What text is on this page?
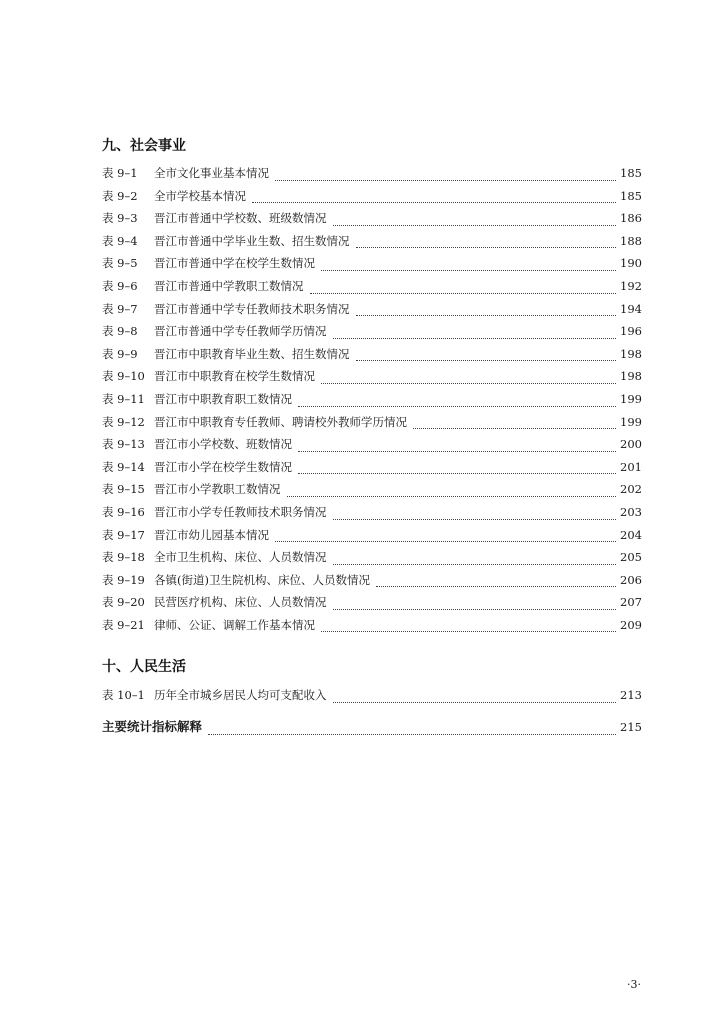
九、社会事业
表 9–1	全市文化事业基本情况	185
表 9–2	全市学校基本情况	185
表 9–3	晋江市普通中学校数、班级数情况	186
表 9–4	晋江市普通中学毕业生数、招生数情况	188
表 9–5	晋江市普通中学在校学生数情况	190
表 9–6	晋江市普通中学教职工数情况	192
表 9–7	晋江市普通中学专任教师技术职务情况	194
表 9–8	晋江市普通中学专任教师学历情况	196
表 9–9	晋江市中职教育毕业生数、招生数情况	198
表 9–10 晋江市中职教育在校学生数情况	198
表 9–11 晋江市中职教育职工数情况	199
表 9–12 晋江市中职教育专任教师、聘请校外教师学历情况	199
表 9–13 晋江市小学校数、班数情况	200
表 9–14 晋江市小学在校学生数情况	201
表 9–15 晋江市小学教职工数情况	202
表 9–16 晋江市小学专任教师技术职务情况	203
表 9–17 晋江市幼儿园基本情况	204
表 9–18 全市卫生机构、床位、人员数情况	205
表 9–19 各镇(街道)卫生院机构、床位、人员数情况	206
表 9–20 民营医疗机构、床位、人员数情况	207
表 9–21 律师、公证、调解工作基本情况	209
十、人民生活
表 10–1 历年全市城乡居民人均可支配收入	213
主要统计指标解释	215
·3·
